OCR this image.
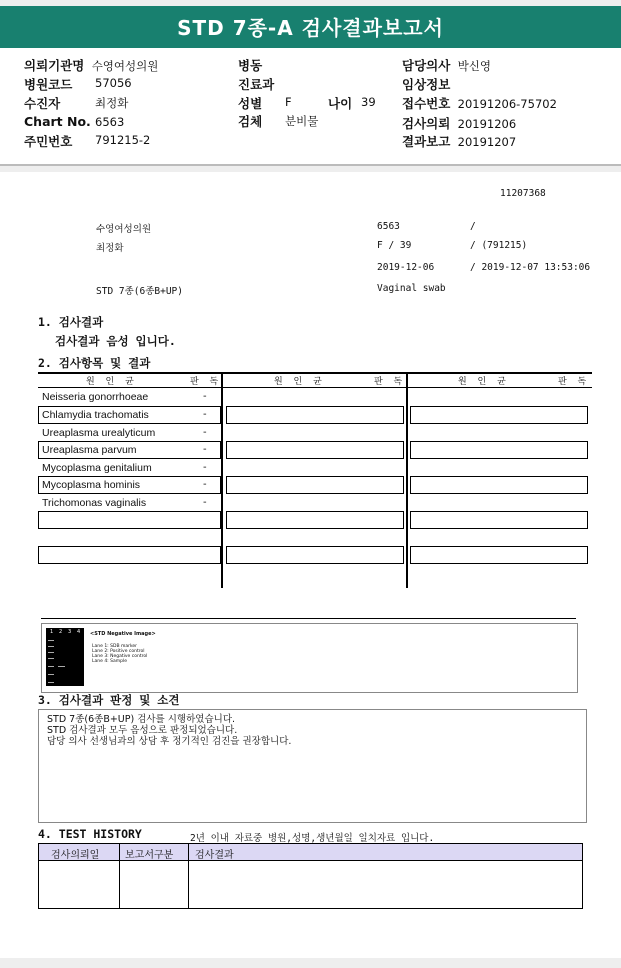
STD 7종-A 검사결과보고서
의뢰기관명 수영여성의원	병동	담당의사 박신영
병원코드 57056	진료과	임상정보
수진자	최정화	성별 F	나이 39 접수번호 20191206-75702
Chart No. 6563	검체 분비물	검사의뢰 20191206
주민번호 791215-2	결과보고 20191207
11207368
수영여성의원	6563	/
최정화	F / 39	/ (791215)
2019-12-06	/ 2019-12-07 13:53:06
STD 7종(6종B+UP)	Vaginal swab
1. 검사결과
검사결과 음성 입니다.
2. 검사항목 및 결과
원 인 균	판 독	원 인 균	판 독	원 인 균	판 독
Neisseria gonorrhoeae	-
Chlamydia trachomatis	-
Ureaplasma urealyticum	-
Ureaplasma parvum	-
Mycoplasma genitalium	-
Mycoplasma hominis	-
Trichomonas vaginalis	-
1 2 3 4 <STD Negative Image>
Lane 1: SDB marker
Lane 2: Positive control
Lane 3: Negative control
Lane 4: Sample
3. 검사결과 판정 및 소견
STD 7종(6종B+UP) 검사를 시행하였습니다.
STD 검사결과 모두 음성으로 판정되었습니다.
담당 의사 선생님과의 상담 후 정기적인 검진을 권장합니다.
4. TEST HISTORY	2년 이내 자료중 병원,성명,생년월일 일치자료 입니다.
검사의뢰일	보고서구분 검사결과
